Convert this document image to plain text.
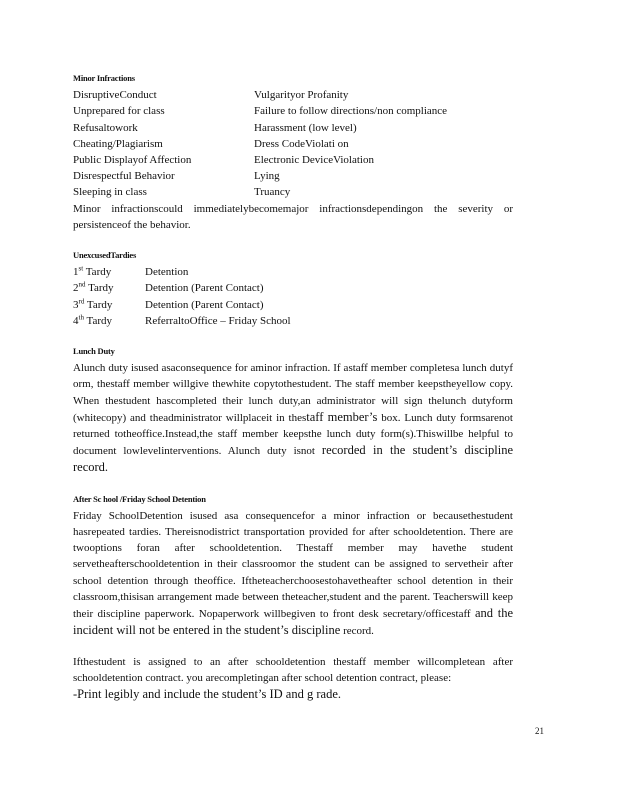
Minor Infractions
DisruptiveConduct	Vulgarityor Profanity
Unprepared for class	Failure to follow directions/non compliance
Refusaltowork	Harassment (low level)
Cheating/Plagiarism	Dress CodeViolati on
Public Displayof Affection	Electronic DeviceViolation
Disrespectful Behavior	Lying
Sleeping in class	Truancy

Minor infractionscould immediatelybecomemajor infractionsdependingon the severity or persistenceof the behavior.

UnexcusedTardies
1st Tardy	Detention
2nd Tardy	Detention (Parent Contact)
3rd Tardy	Detention (Parent Contact)
4th Tardy	ReferraltoOffice – Friday School
Lunch Duty

Alunch duty isused asaconsequence for aminor infraction. If astaff member completesa lunch dutyf orm, thestaff member willgive thewhite copytothestudent. The staff member keepstheyellow copy. When thestudent hascompleted their lunch duty,an administrator will sign thelunch dutyform (whitecopy) and theadministrator willplaceit in thestaff member’s box. Lunch duty formsarenot returned totheoffice.Instead,the staff member keepsthe lunch duty form(s).Thiswillbe helpful to document lowlevelinterventions. Alunch duty isnot recorded in the student’s discipline record.

After Sc hool /Friday School Detention

Friday SchoolDetention isused asa consequencefor a minor infraction or becausethestudent hasrepeated tardies. Thereisnodistrict transportation provided for after schooldetention. There are twooptions foran after schooldetention. Thestaff member may havethe student servetheafterschooldetention in their classroomor the student can be assigned to servetheir after school detention through theoffice. Iftheteacherchoosestohavetheafter school detention in their classroom,thisisan arrangement made between theteacher,student and the parent. Teacherswill keep their discipline paperwork. Nopaperwork willbegiven to front desk secretary/officestaff and the incident will not be entered in the student’s discipline record.

Ifthestudent is assigned to an after schooldetention thestaff member willcompletean after schooldetention contract. you arecompletingan after school detention contract, please:

-Print legibly and include the student’s ID and g rade.
21
